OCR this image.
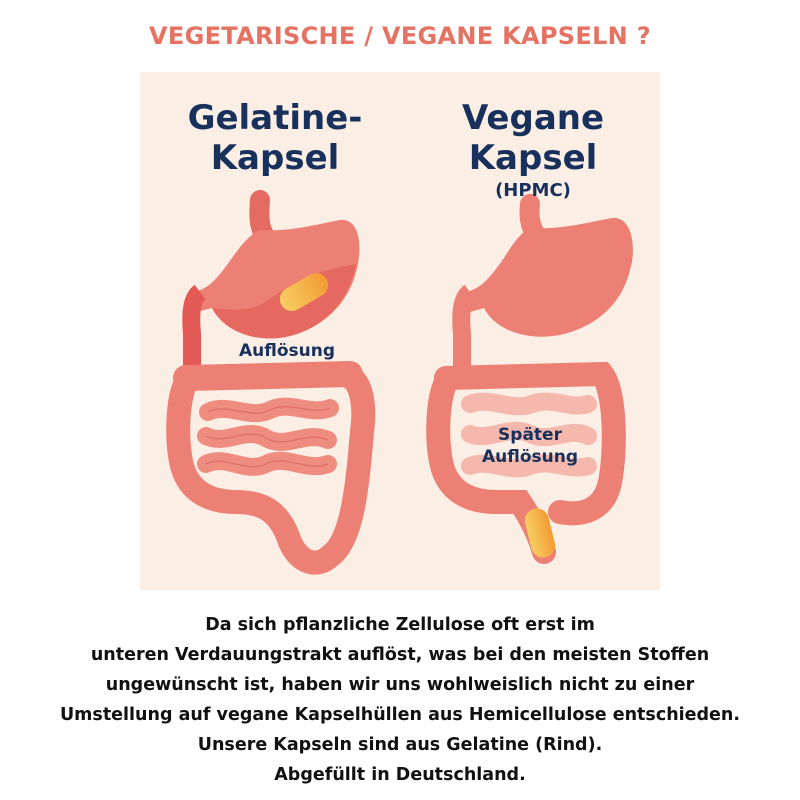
VEGETARISCHE / VEGANE KAPSELN ?
Gelatine-
Kapsel
Vegane
Kapsel
(HPMC)
Auflösung
Später
Auflösung
Da sich pflanzliche Zellulose oft erst im
unteren Verdauungstrakt auflöst, was bei den meisten Stoffen
ungewünscht ist, haben wir uns wohlweislich nicht zu einer
Umstellung auf vegane Kapselhüllen aus Hemicellulose entschieden.
Unsere Kapseln sind aus Gelatine (Rind).
Abgefüllt in Deutschland.
